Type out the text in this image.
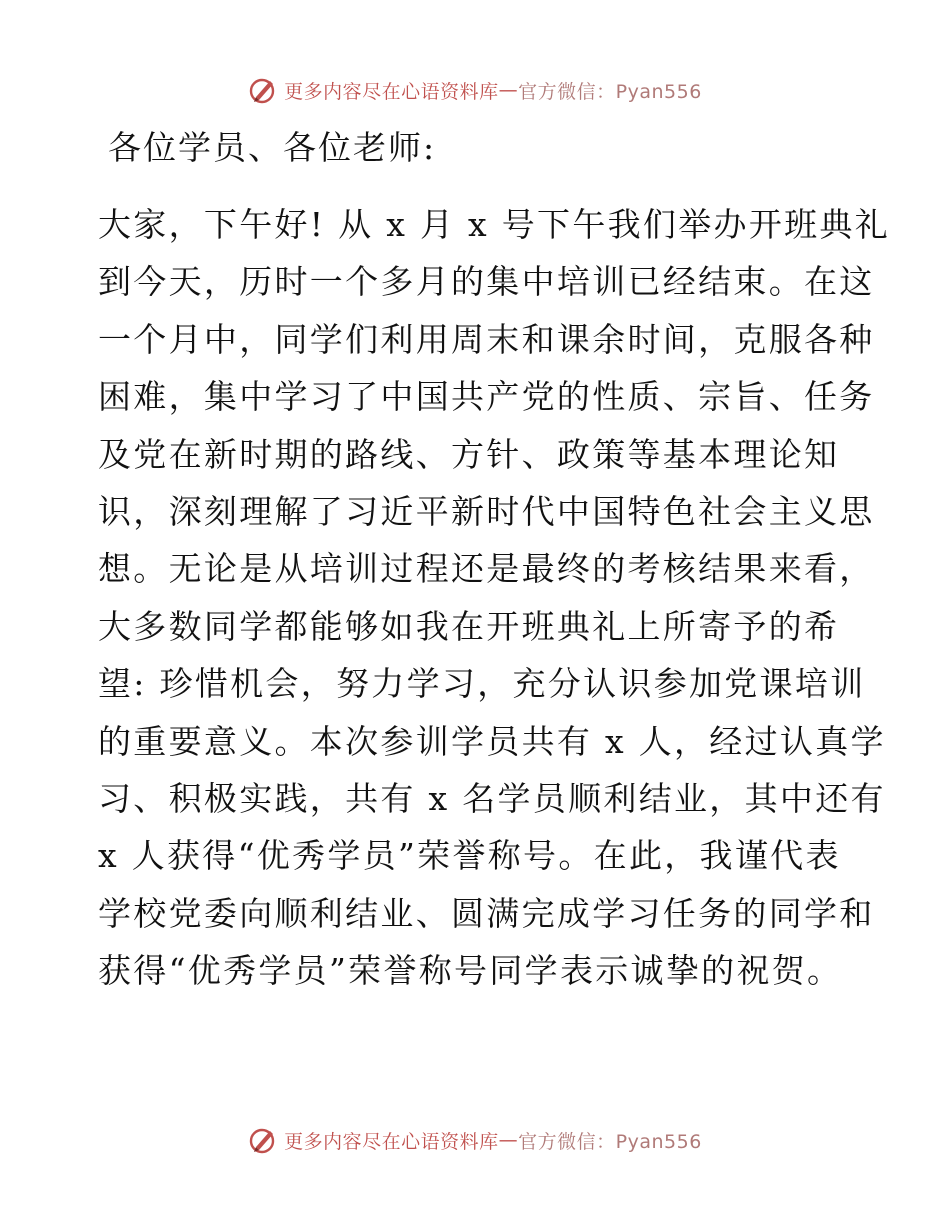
更多内容尽在心语资料库 — 官方微信：Pyan556
各位学员、各位老师:
大家，下午好! 从 x 月 x 号下午我们举办开班典礼
到今天，历时一个多月的集中培训已经结束。在这
一个月中，同学们利用周末和课余时间，克服各种
困难，集中学习了中国共产党的性质、宗旨、任务
及党在新时期的路线、方针、政策等基本理论知
识，深刻理解了习近平新时代中国特色社会主义思
想。无论是从培训过程还是最终的考核结果来看，
大多数同学都能够如我在开班典礼上所寄予的希
望: 珍惜机会，努力学习，充分认识参加党课培训
的重要意义。本次参训学员共有 x 人，经过认真学
习、积极实践，共有 x 名学员顺利结业，其中还有
x 人获得“优秀学员”荣誉称号。在此，我谨代表
学校党委向顺利结业、圆满完成学习任务的同学和
获得“优秀学员”荣誉称号同学表示诚挚的祝贺。
更多内容尽在心语资料库 — 官方微信：Pyan556
